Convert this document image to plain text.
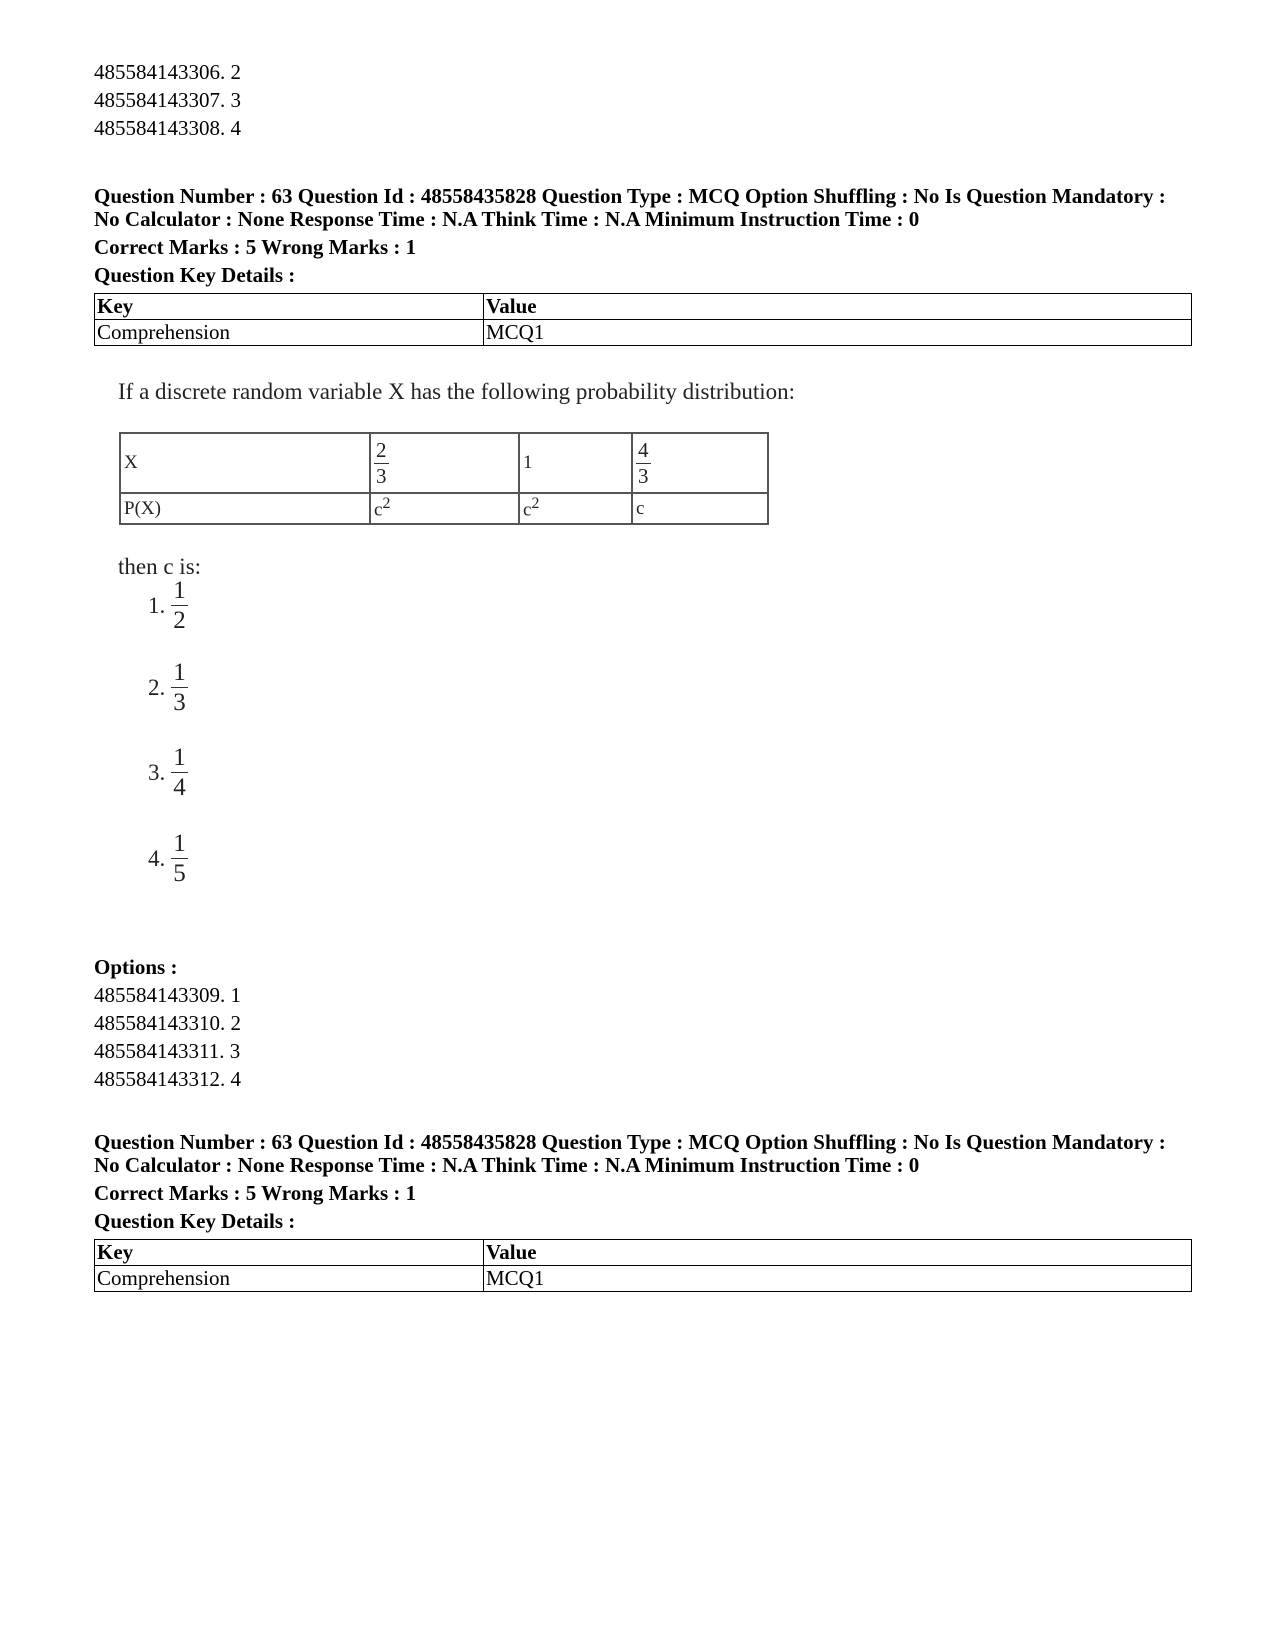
485584143306. 2
485584143307. 3
485584143308. 4
Question Number : 63 Question Id : 48558435828 Question Type : MCQ Option Shuffling : No Is Question Mandatory :
No Calculator : None Response Time : N.A Think Time : N.A Minimum Instruction Time : 0
Correct Marks : 5 Wrong Marks : 1
Question Key Details :
Key	Value
Comprehension	MCQ1
If a discrete random variable X has the following probability distribution:
X	$\frac{2}{3}$	1	$\frac{4}{3}$

P(X)	$c^2$	$c^2$	c
then c is:
1. $\frac{1}{2}$
2. $\frac{1}{3}$
3. $\frac{1}{4}$
4. $\frac{1}{5}$
Options :
485584143309. 1
485584143310. 2
485584143311. 3
485584143312. 4
Question Number : 63 Question Id : 48558435828 Question Type : MCQ Option Shuffling : No Is Question Mandatory :
No Calculator : None Response Time : N.A Think Time : N.A Minimum Instruction Time : 0
Correct Marks : 5 Wrong Marks : 1
Question Key Details :
Key	Value
Comprehension	MCQ1
